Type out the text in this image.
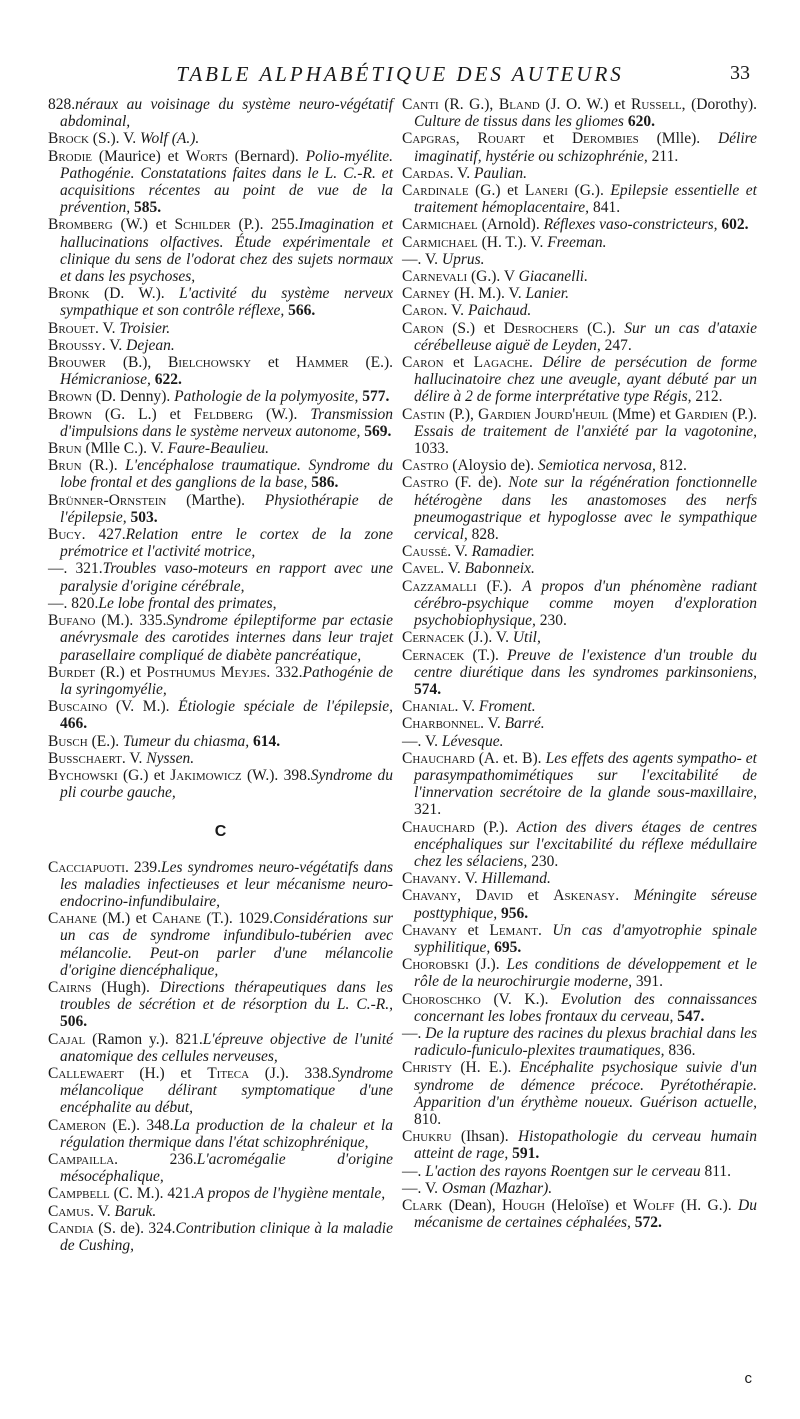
TABLE ALPHABÉTIQUE DES AUTEURS	33

828.néraux au voisinage du système neuro-végétatif abdominal,

Brock (S.). V. Wolf (A.).

Brodie (Maurice) et Worts (Bernard). Polio-myélite. Pathogénie. Constatations faites dans le L. C.-R. et acquisitions récentes au point de vue de la prévention, 585.

Bromberg (W.) et Schilder (P.). 255.Imagination et hallucinations olfactives. Étude expérimentale et clinique du sens de l'odorat chez des sujets normaux et dans les psychoses,

Bronk (D. W.). L'activité du système nerveux sympathique et son contrôle réflexe, 566.

Brouet. V. Troisier.

Broussy. V. Dejean.

Brouwer (B.), Bielchowsky et Hammer (E.). Hémicraniose, 622.

Brown (D. Denny). Pathologie de la polymyosite, 577.

Brown (G. L.) et Feldberg (W.). Transmission d'impulsions dans le système nerveux autonome, 569.

Brun (Mlle C.). V. Faure-Beaulieu.

Brun (R.). L'encéphalose traumatique. Syndrome du lobe frontal et des ganglions de la base, 586.

Brünner-Ornstein (Marthe). Physiothérapie de l'épilepsie, 503.

Bucy. 427.Relation entre le cortex de la zone prémotrice et l'activité motrice,

—. 321.Troubles vaso-moteurs en rapport avec une paralysie d'origine cérébrale,

—. 820.Le lobe frontal des primates,

Bufano (M.). 335.Syndrome épileptiforme par ectasie anévrysmale des carotides internes dans leur trajet parasellaire compliqué de diabète pancréatique,

Burdet (R.) et Posthumus Meyjes. 332.Pathogénie de la syringomyélie,

Buscaino (V. M.). Étiologie spéciale de l'épilepsie, 466.

Busch (E.). Tumeur du chiasma, 614.

Busschaert. V. Nyssen.

Bychowski (G.) et Jakimowicz (W.). 398.Syndrome du pli courbe gauche,

C

Cacciapuoti. 239.Les syndromes neuro-végétatifs dans les maladies infectieuses et leur mécanisme neuro-endocrino-infundibulaire,

Cahane (M.) et Cahane (T.). 1029.Considérations sur un cas de syndrome infundibulo-tubérien avec mélancolie. Peut-on parler d'une mélancolie d'origine diencéphalique,

Cairns (Hugh). Directions thérapeutiques dans les troubles de sécrétion et de résorption du L. C.-R., 506.

Cajal (Ramon y.). 821.L'épreuve objective de l'unité anatomique des cellules nerveuses,

Callewaert (H.) et Titeca (J.). 338.Syndrome mélancolique délirant symptomatique d'une encéphalite au début,

Cameron (E.). 348.La production de la chaleur et la régulation thermique dans l'état schizophrénique,

Campailla. 236.L'acromégalie d'origine mésocéphalique,

Campbell (C. M.). 421.A propos de l'hygiène mentale,

Camus. V. Baruk.

Candia (S. de). 324.Contribution clinique à la maladie de Cushing,

Canti (R. G.), Bland (J. O. W.) et Russell, (Dorothy). Culture de tissus dans les gliomes 620.

Capgras, Rouart et Derombies (Mlle). Délire imaginatif, hystérie ou schizophrénie, 211.

Cardas. V. Paulian.

Cardinale (G.) et Laneri (G.). Epilepsie essentielle et traitement hémoplacentaire, 841.

Carmichael (Arnold). Réflexes vaso-constricteurs, 602.

Carmichael (H. T.). V. Freeman.

—. V. Uprus.

Carnevali (G.). V Giacanelli.

Carney (H. M.). V. Lanier.

Caron. V. Paichaud.

Caron (S.) et Desrochers (C.). Sur un cas d'ataxie cérébelleuse aiguë de Leyden, 247.

Caron et Lagache. Délire de persécution de forme hallucinatoire chez une aveugle, ayant débuté par un délire à 2 de forme interprétative type Régis, 212.

Castin (P.), Gardien Jourd'heuil (Mme) et Gardien (P.). Essais de traitement de l'anxiété par la vagotonine, 1033.

Castro (Aloysio de). Semiotica nervosa, 812.

Castro (F. de). Note sur la régénération fonctionnelle hétérogène dans les anastomoses des nerfs pneumogastrique et hypoglosse avec le sympathique cervical, 828.

Caussé. V. Ramadier.

Cavel. V. Babonneix.

Cazzamalli (F.). A propos d'un phénomène radiant cérébro-psychique comme moyen d'exploration psychobiophysique, 230.

Cernacek (J.). V. Util,

Cernacek (T.). Preuve de l'existence d'un trouble du centre diurétique dans les syndromes parkinsoniens, 574.

Chanial. V. Froment.

Charbonnel. V. Barré.

—. V. Lévesque.

Chauchard (A. et. B). Les effets des agents sympatho- et parasympathomimétiques sur l'excitabilité de l'innervation secrétoire de la glande sous-maxillaire, 321.

Chauchard (P.). Action des divers étages de centres encéphaliques sur l'excitabilité du réflexe médullaire chez les sélaciens, 230.

Chavany. V. Hillemand.

Chavany, David et Askenasy. Méningite séreuse posttyphique, 956.

Chavany et Lemant. Un cas d'amyotrophie spinale syphilitique, 695.

Chorobski (J.). Les conditions de développement et le rôle de la neurochirurgie moderne, 391.

Choroschko (V. K.). Evolution des connaissances concernant les lobes frontaux du cerveau, 547.

—. De la rupture des racines du plexus brachial dans les radiculo-funiculo-plexites traumatiques, 836.

Christy (H. E.). Encéphalite psychosique suivie d'un syndrome de démence précoce. Pyrétothérapie. Apparition d'un érythème noueux. Guérison actuelle, 810.

Chukru (Ihsan). Histopathologie du cerveau humain atteint de rage, 591.

—. L'action des rayons Roentgen sur le cerveau 811.

—. V. Osman (Mazhar).

Clark (Dean), Hough (Heloïse) et Wolff (H. G.). Du mécanisme de certaines céphalées, 572.

c
